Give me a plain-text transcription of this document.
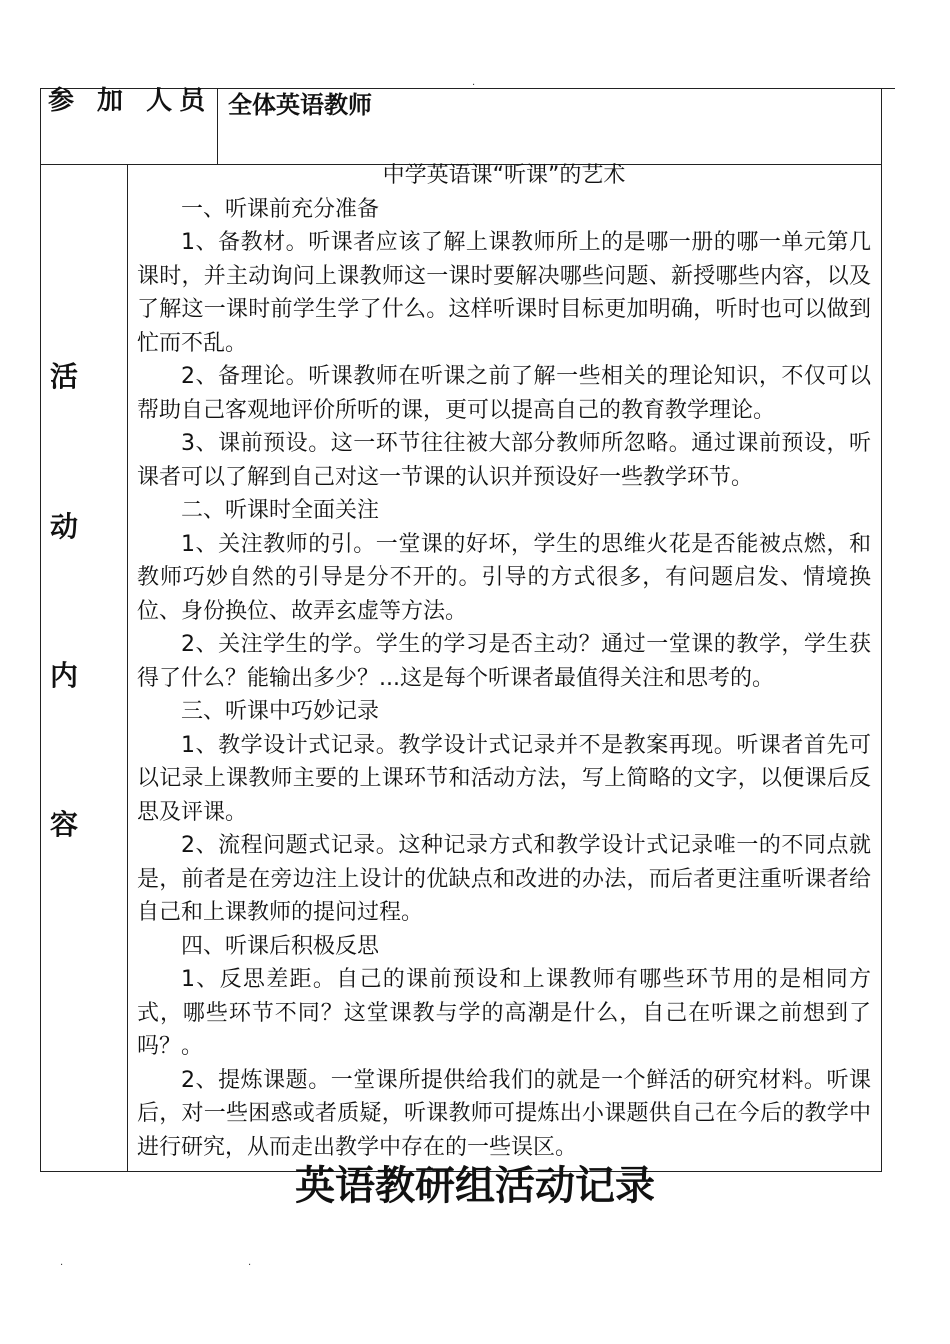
.
.	.
参 加 人员 全体英语教师
活
动
内
容
中学英语课“听课”的艺术

一、听课前充分准备

1、备教材。听课者应该了解上课教师所上的是哪一册的哪一单元第几课时，并主动询问上课教师这一课时要解决哪些问题、新授哪些内容，以及了解这一课时前学生学了什么。这样听课时目标更加明确，听时也可以做到忙而不乱。

2、备理论。听课教师在听课之前了解一些相关的理论知识，不仅可以帮助自己客观地评价所听的课，更可以提高自己的教育教学理论。

3、课前预设。这一环节往往被大部分教师所忽略。通过课前预设，听课者可以了解到自己对这一节课的认识并预设好一些教学环节。

二、听课时全面关注

1、关注教师的引。一堂课的好坏，学生的思维火花是否能被点燃，和教师巧妙自然的引导是分不开的。引导的方式很多，有问题启发、情境换位、身份换位、故弄玄虚等方法。

2、关注学生的学。学生的学习是否主动？通过一堂课的教学，学生获得了什么？能输出多少？...这是每个听课者最值得关注和思考的。

三、听课中巧妙记录

1、教学设计式记录。教学设计式记录并不是教案再现。听课者首先可以记录上课教师主要的上课环节和活动方法，写上简略的文字，以便课后反思及评课。

2、流程问题式记录。这种记录方式和教学设计式记录唯一的不同点就是，前者是在旁边注上设计的优缺点和改进的办法，而后者更注重听课者给自己和上课教师的提问过程。

四、听课后积极反思

1、反思差距。自己的课前预设和上课教师有哪些环节用的是相同方式，哪些环节不同？这堂课教与学的高潮是什么，自己在听课之前想到了吗？。

2、提炼课题。一堂课所提供给我们的就是一个鲜活的研究材料。听课后，对一些困惑或者质疑，听课教师可提炼出小课题供自己在今后的教学中进行研究，从而走出教学中存在的一些误区。

英语教研组活动记录
